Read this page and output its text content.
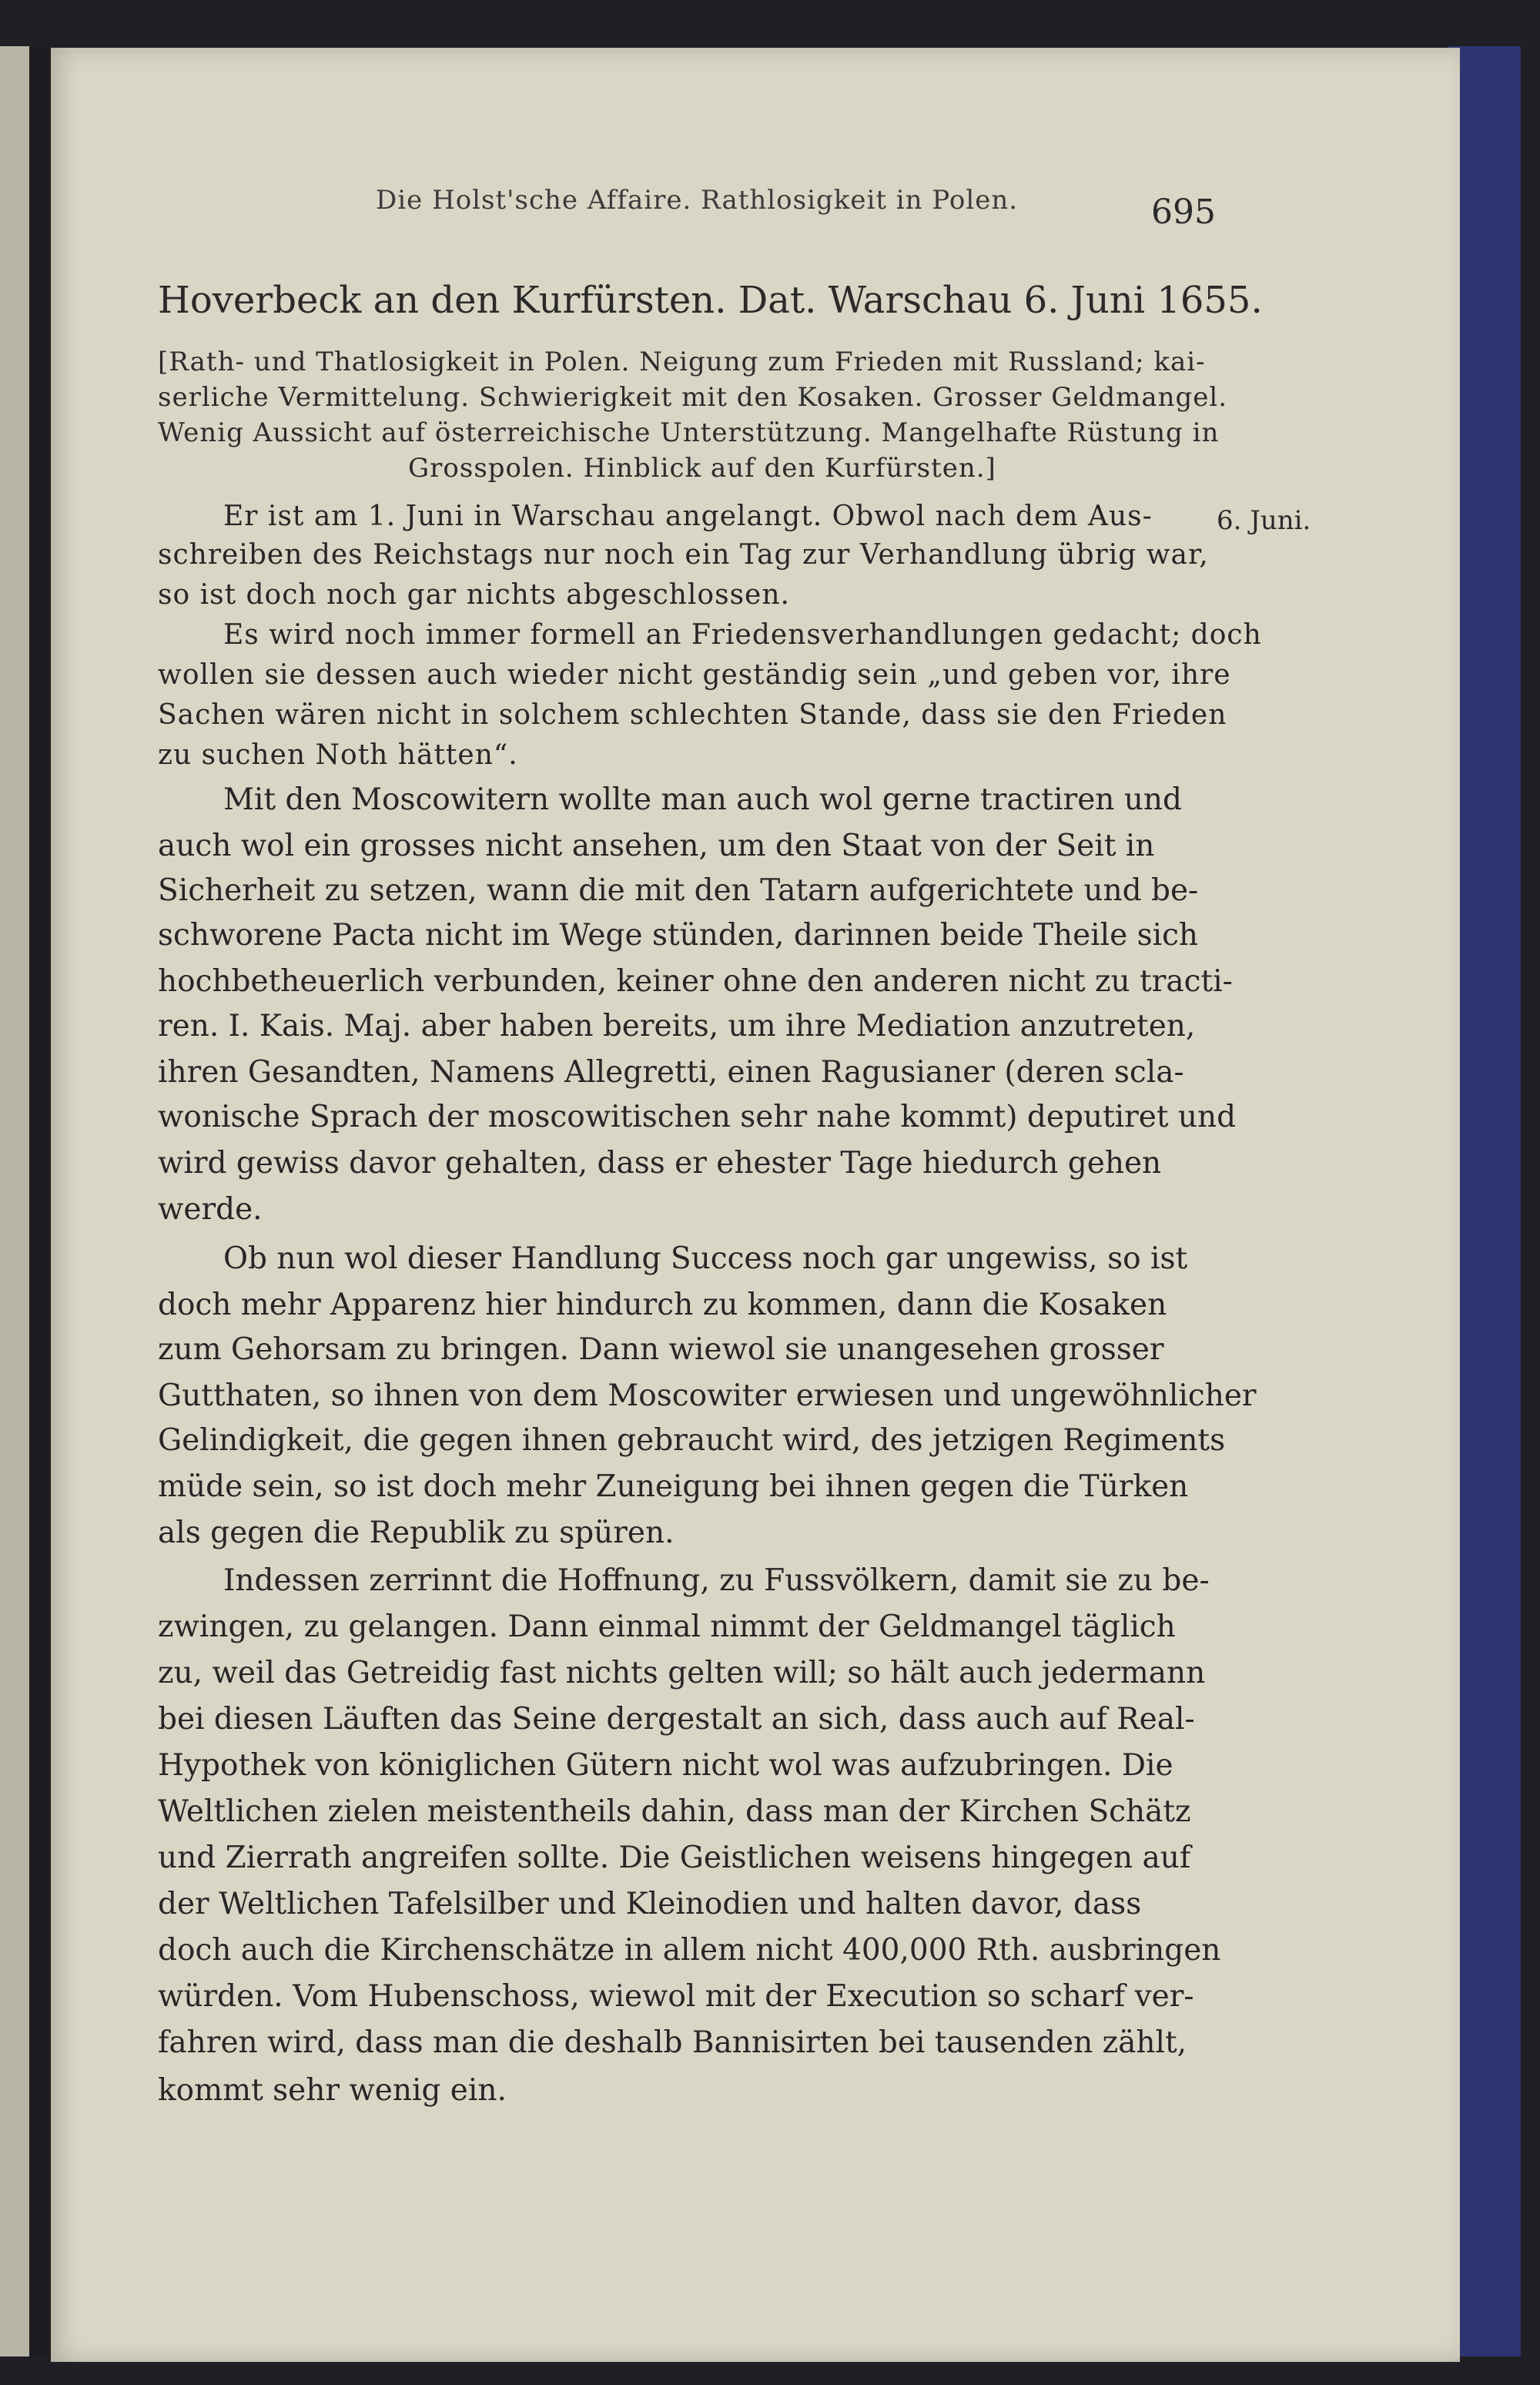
Die Holst'sche Affaire. Rathlosigkeit in Polen.	695
Hoverbeck an den Kurfürsten. Dat. Warschau 6. Juni 1655.
[Rath- und Thatlosigkeit in Polen. Neigung zum Frieden mit Russland; kai-
serliche Vermittelung. Schwierigkeit mit den Kosaken. Grosser Geldmangel.
Wenig Aussicht auf österreichische Unterstützung. Mangelhafte Rüstung in
Grosspolen. Hinblick auf den Kurfürsten.]
6. Juni.
Er ist am 1. Juni in Warschau angelangt. Obwol nach dem Aus-
schreiben des Reichstags nur noch ein Tag zur Verhandlung übrig war,
so ist doch noch gar nichts abgeschlossen.
Es wird noch immer formell an Friedensverhandlungen gedacht; doch
wollen sie dessen auch wieder nicht geständig sein „und geben vor, ihre
Sachen wären nicht in solchem schlechten Stande, dass sie den Frieden
zu suchen Noth hätten“.
Mit den Moscowitern wollte man auch wol gerne tractiren und
auch wol ein grosses nicht ansehen, um den Staat von der Seit in
Sicherheit zu setzen, wann die mit den Tatarn aufgerichtete und be-
schworene Pacta nicht im Wege stünden, darinnen beide Theile sich
hochbetheuerlich verbunden, keiner ohne den anderen nicht zu tracti-
ren. I. Kais. Maj. aber haben bereits, um ihre Mediation anzutreten,
ihren Gesandten, Namens Allegretti, einen Ragusianer (deren scla-
wonische Sprach der moscowitischen sehr nahe kommt) deputiret und
wird gewiss davor gehalten, dass er ehester Tage hiedurch gehen
werde.
Ob nun wol dieser Handlung Success noch gar ungewiss, so ist
doch mehr Apparenz hier hindurch zu kommen, dann die Kosaken
zum Gehorsam zu bringen. Dann wiewol sie unangesehen grosser
Gutthaten, so ihnen von dem Moscowiter erwiesen und ungewöhnlicher
Gelindigkeit, die gegen ihnen gebraucht wird, des jetzigen Regiments
müde sein, so ist doch mehr Zuneigung bei ihnen gegen die Türken
als gegen die Republik zu spüren.
Indessen zerrinnt die Hoffnung, zu Fussvölkern, damit sie zu be-
zwingen, zu gelangen. Dann einmal nimmt der Geldmangel täglich
zu, weil das Getreidig fast nichts gelten will; so hält auch jedermann
bei diesen Läuften das Seine dergestalt an sich, dass auch auf Real-
Hypothek von königlichen Gütern nicht wol was aufzubringen. Die
Weltlichen zielen meistentheils dahin, dass man der Kirchen Schätz
und Zierrath angreifen sollte. Die Geistlichen weisens hingegen auf
der Weltlichen Tafelsilber und Kleinodien und halten davor, dass
doch auch die Kirchenschätze in allem nicht 400,000 Rth. ausbringen
würden. Vom Hubenschoss, wiewol mit der Execution so scharf ver-
fahren wird, dass man die deshalb Bannisirten bei tausenden zählt,
kommt sehr wenig ein.
